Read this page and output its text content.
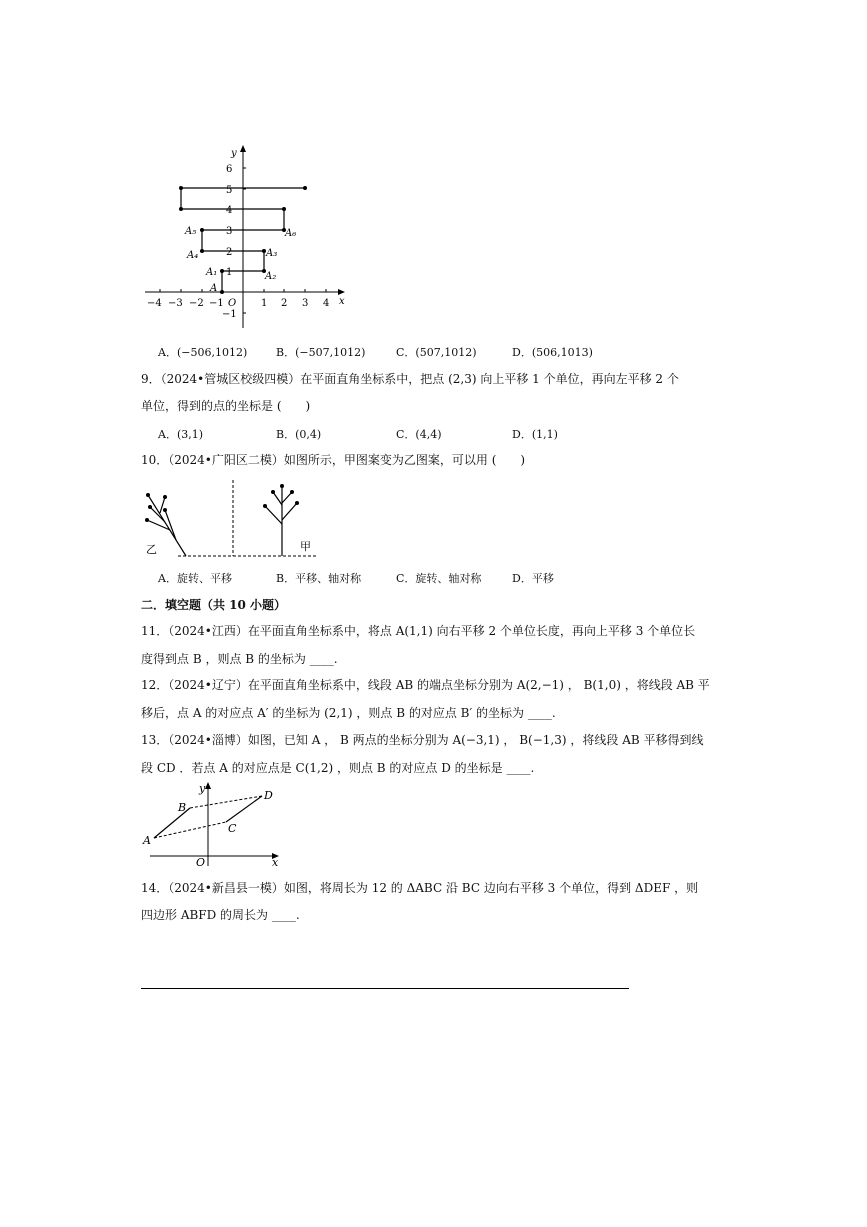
y
x
O
6
5
4
3
2
1
−1
−4 −3 −2 −1	1 2 3 4
A
A₁	A₂
A₃
A₄
A₅	A₆
A．(−506,1012)	B．(−507,1012)	C．(507,1012)	D．(506,1013)
9．（2024•管城区校级四模）在平面直角坐标系中，把点 (2,3) 向上平移 1 个单位，再向左平移 2 个
单位，得到的点的坐标是 (　　)
A．(3,1)	B．(0,4)	C．(4,4)	D．(1,1)
10．（2024•广阳区二模）如图所示，甲图案变为乙图案，可以用 (　　)
乙	甲
A．旋转、平移	B．平移、轴对称	C．旋转、轴对称	D．平移
二．填空题（共 10 小题）
11．（2024•江西）在平面直角坐标系中，将点 A(1,1) 向右平移 2 个单位长度，再向上平移 3 个单位长
度得到点 B ，则点 B 的坐标为 ____.
12．（2024•辽宁）在平面直角坐标系中，线段 AB 的端点坐标分别为 A(2,−1) ， B(1,0) ，将线段 AB 平
移后，点 A 的对应点 A′ 的坐标为 (2,1) ，则点 B 的对应点 B′ 的坐标为 ____.
13．（2024•淄博）如图，已知 A ， B 两点的坐标分别为 A(−3,1) ， B(−1,3) ，将线段 AB 平移得到线
段 CD ．若点 A 的对应点是 C(1,2) ，则点 B 的对应点 D 的坐标是 ____.
y
x
O
A
B
C
D
14．（2024•新昌县一模）如图，将周长为 12 的 ΔABC 沿 BC 边向右平移 3 个单位，得到 ΔDEF ，则
四边形 ABFD 的周长为 ____.
